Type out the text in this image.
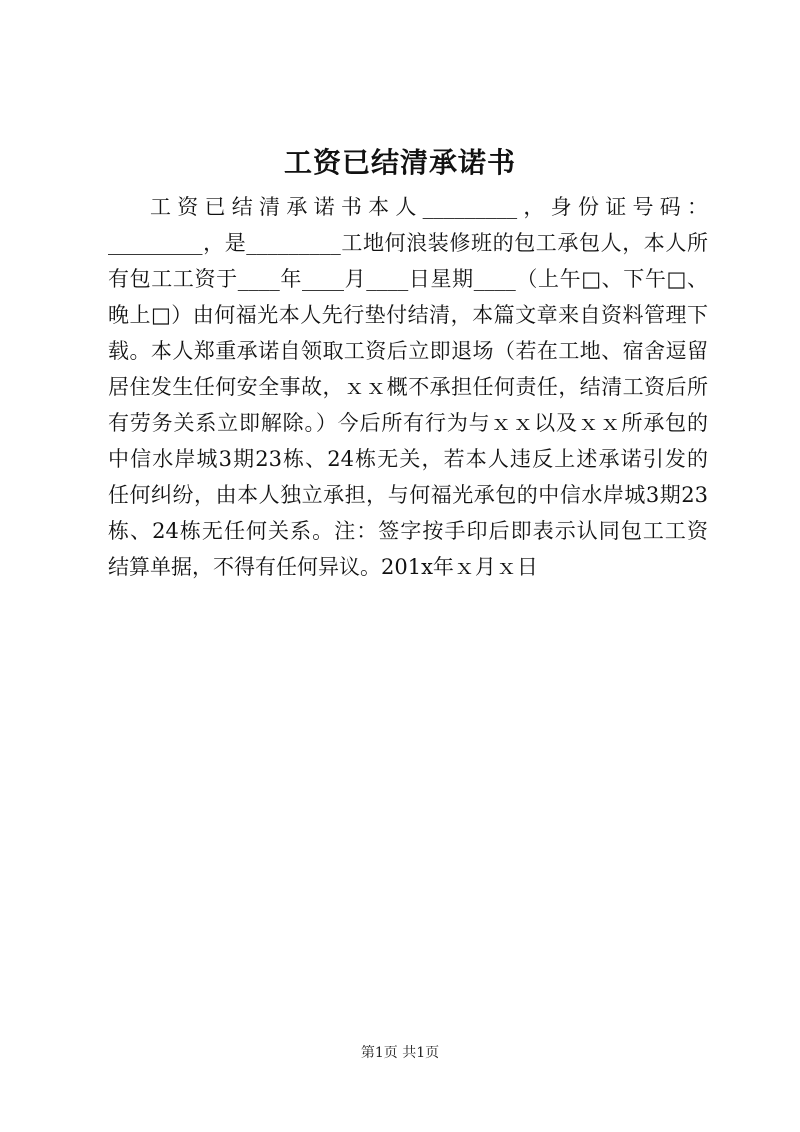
工资已结清承诺书
工资已结清承诺书本人_________，身份证号码：
_________，是_________工地何浪装修班的包工承包人，本人所
有包工工资于____年____月____日星期____（上午□、下午□、
晚上□）由何福光本人先行垫付结清，本篇文章来自资料管理下
载。本人郑重承诺自领取工资后立即退场（若在工地、宿舍逗留
居住发生任何安全事故，ｘｘ概不承担任何责任，结清工资后所
有劳务关系立即解除。）今后所有行为与ｘｘ以及ｘｘ所承包的
中信水岸城3期23栋、24栋无关，若本人违反上述承诺引发的
任何纠纷，由本人独立承担，与何福光承包的中信水岸城3期23
栋、24栋无任何关系。注：签字按手印后即表示认同包工工资
结算单据，不得有任何异议。201x年ｘ月ｘ日
第1页 共1页
